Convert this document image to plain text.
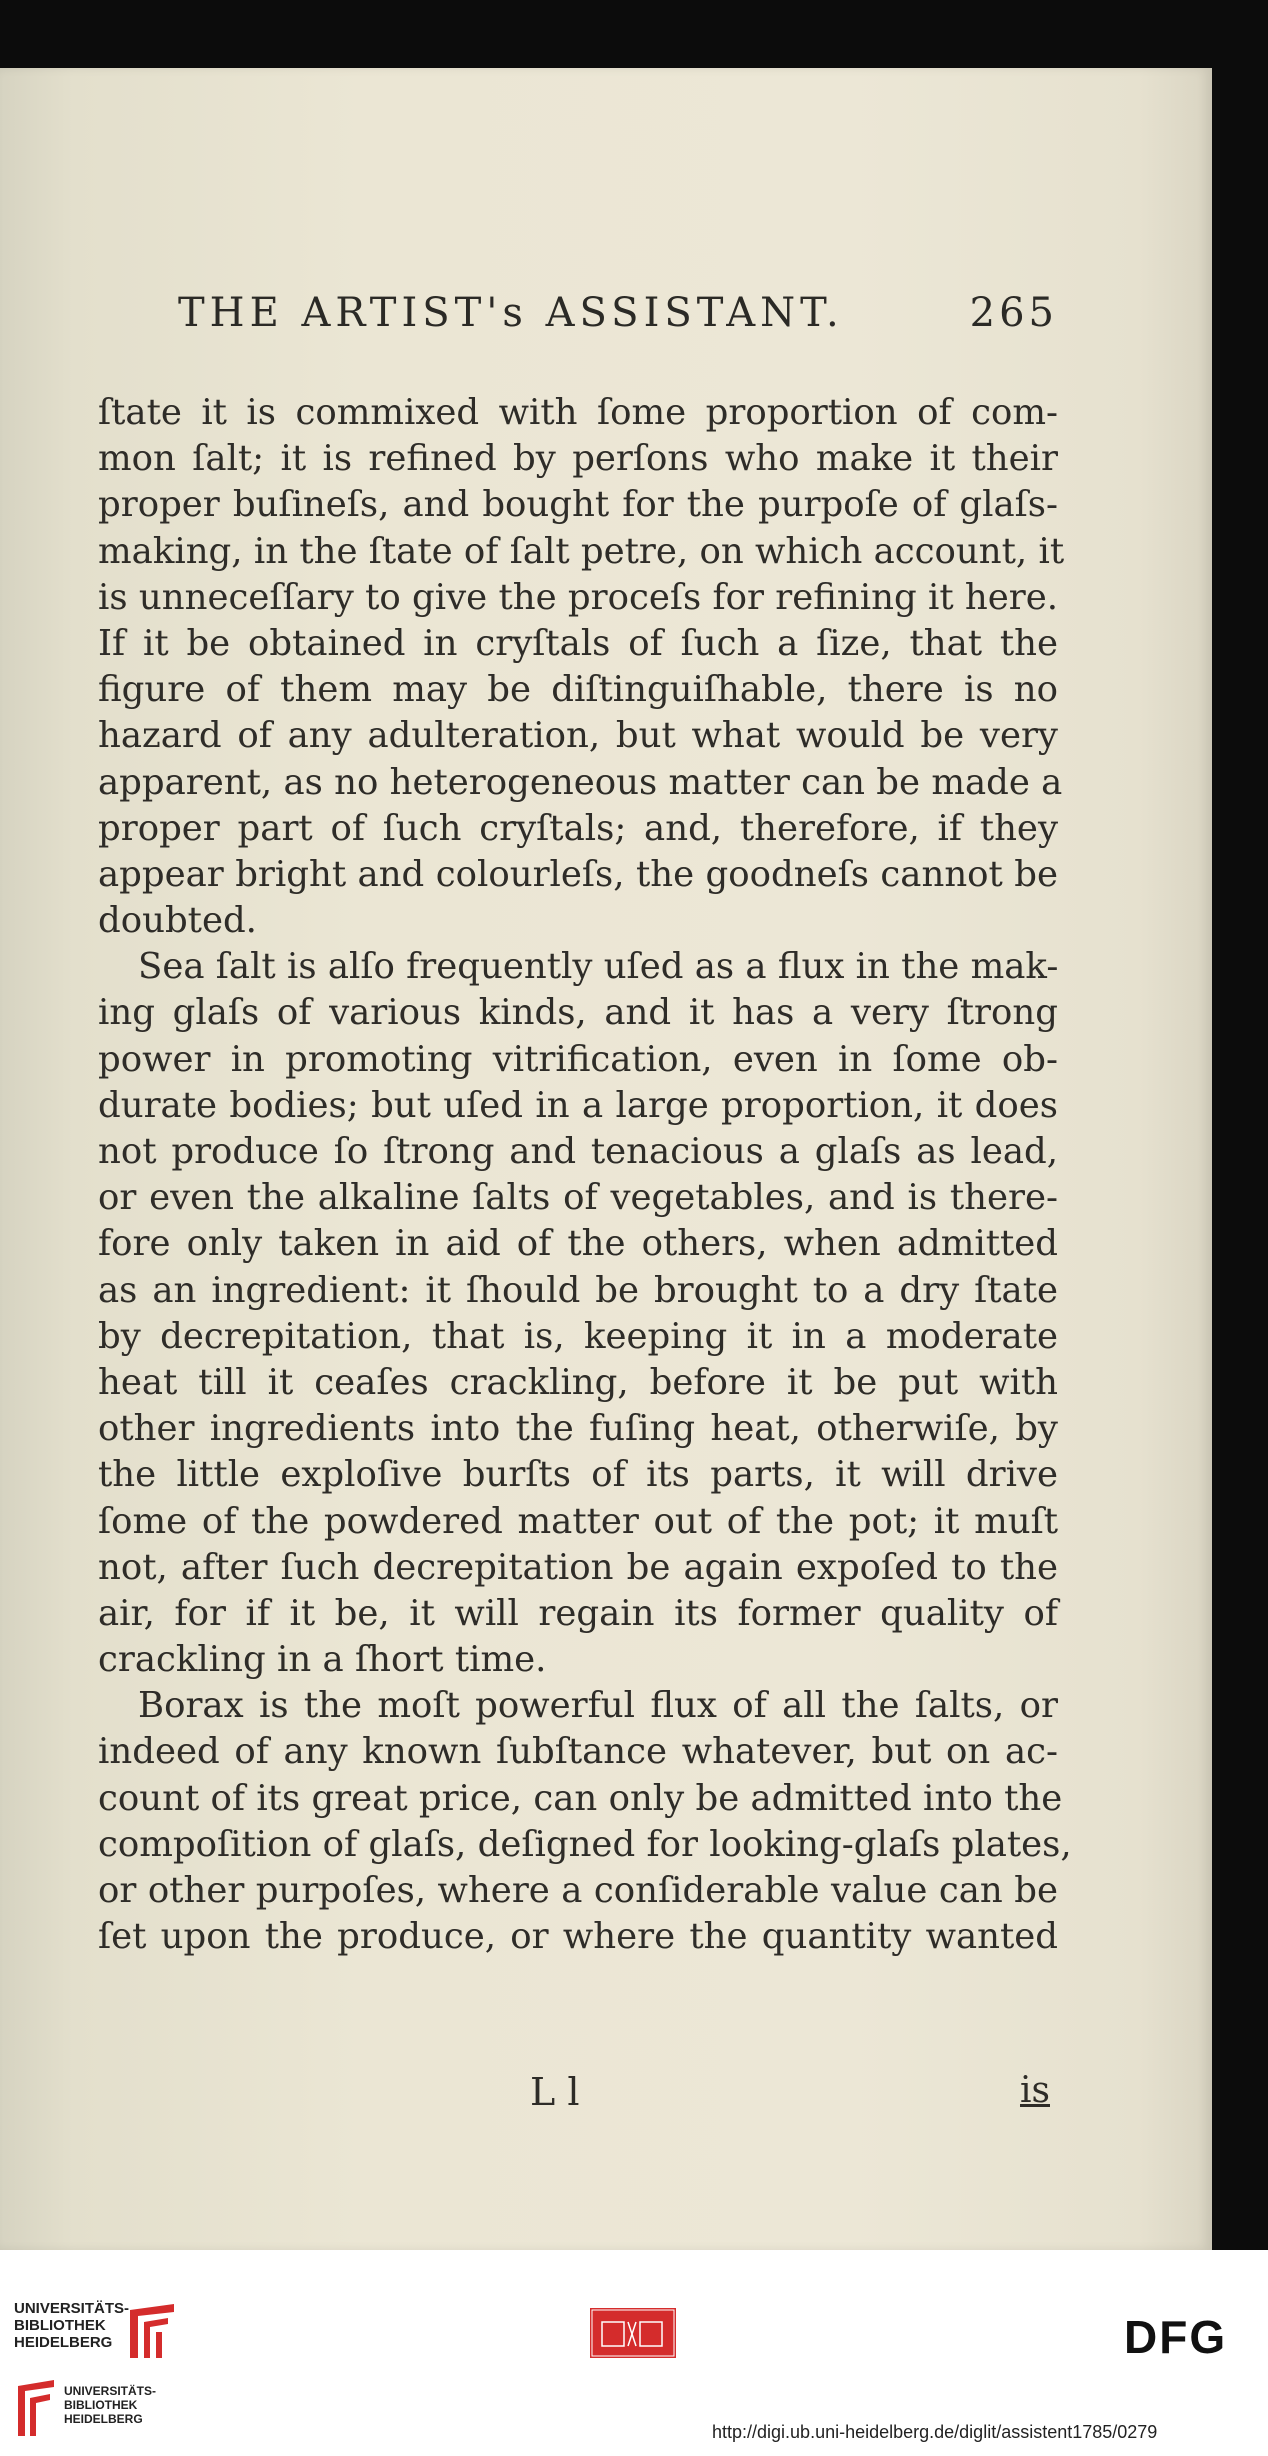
THE ARTIST's ASSISTANT.	265
ſtate it is commixed with ſome proportion of com-
mon ſalt; it is refined by perſons who make it their
proper buſineſs, and bought for the purpoſe of glaſs-
making, in the ſtate of ſalt petre, on which account, it
is unneceſſary to give the proceſs for refining it here.
If it be obtained in cryſtals of ſuch a ſize, that the
figure of them may be diſtinguiſhable, there is no
hazard of any adulteration, but what would be very
apparent, as no heterogeneous matter can be made a
proper part of ſuch cryſtals; and, therefore, if they
appear bright and colourleſs, the goodneſs cannot be
doubted.
Sea ſalt is alſo frequently uſed as a flux in the mak-
ing glaſs of various kinds, and it has a very ſtrong
power in promoting vitrification, even in ſome ob-
durate bodies; but uſed in a large proportion, it does
not produce ſo ſtrong and tenacious a glaſs as lead,
or even the alkaline ſalts of vegetables, and is there-
fore only taken in aid of the others, when admitted
as an ingredient: it ſhould be brought to a dry ſtate
by decrepitation, that is, keeping it in a moderate
heat till it ceaſes crackling, before it be put with
other ingredients into the fuſing heat, otherwiſe, by
the little exploſive burſts of its parts, it will drive
ſome of the powdered matter out of the pot; it muſt
not, after ſuch decrepitation be again expoſed to the
air, for if it be, it will regain its former quality of
crackling in a ſhort time.
Borax is the moſt powerful flux of all the ſalts, or
indeed of any known ſubſtance whatever, but on ac-
count of its great price, can only be admitted into the
compoſition of glaſs, deſigned for looking-glaſs plates,
or other purpoſes, where a conſiderable value can be
ſet upon the produce, or where the quantity wanted
L l	is
UNIVERSITÄTS-
BIBLIOTHEK
HEIDELBERG
UNIVERSITÄTS-
BIBLIOTHEK
HEIDELBERG
DFG
http://digi.ub.uni-heidelberg.de/diglit/assistent1785/0279
